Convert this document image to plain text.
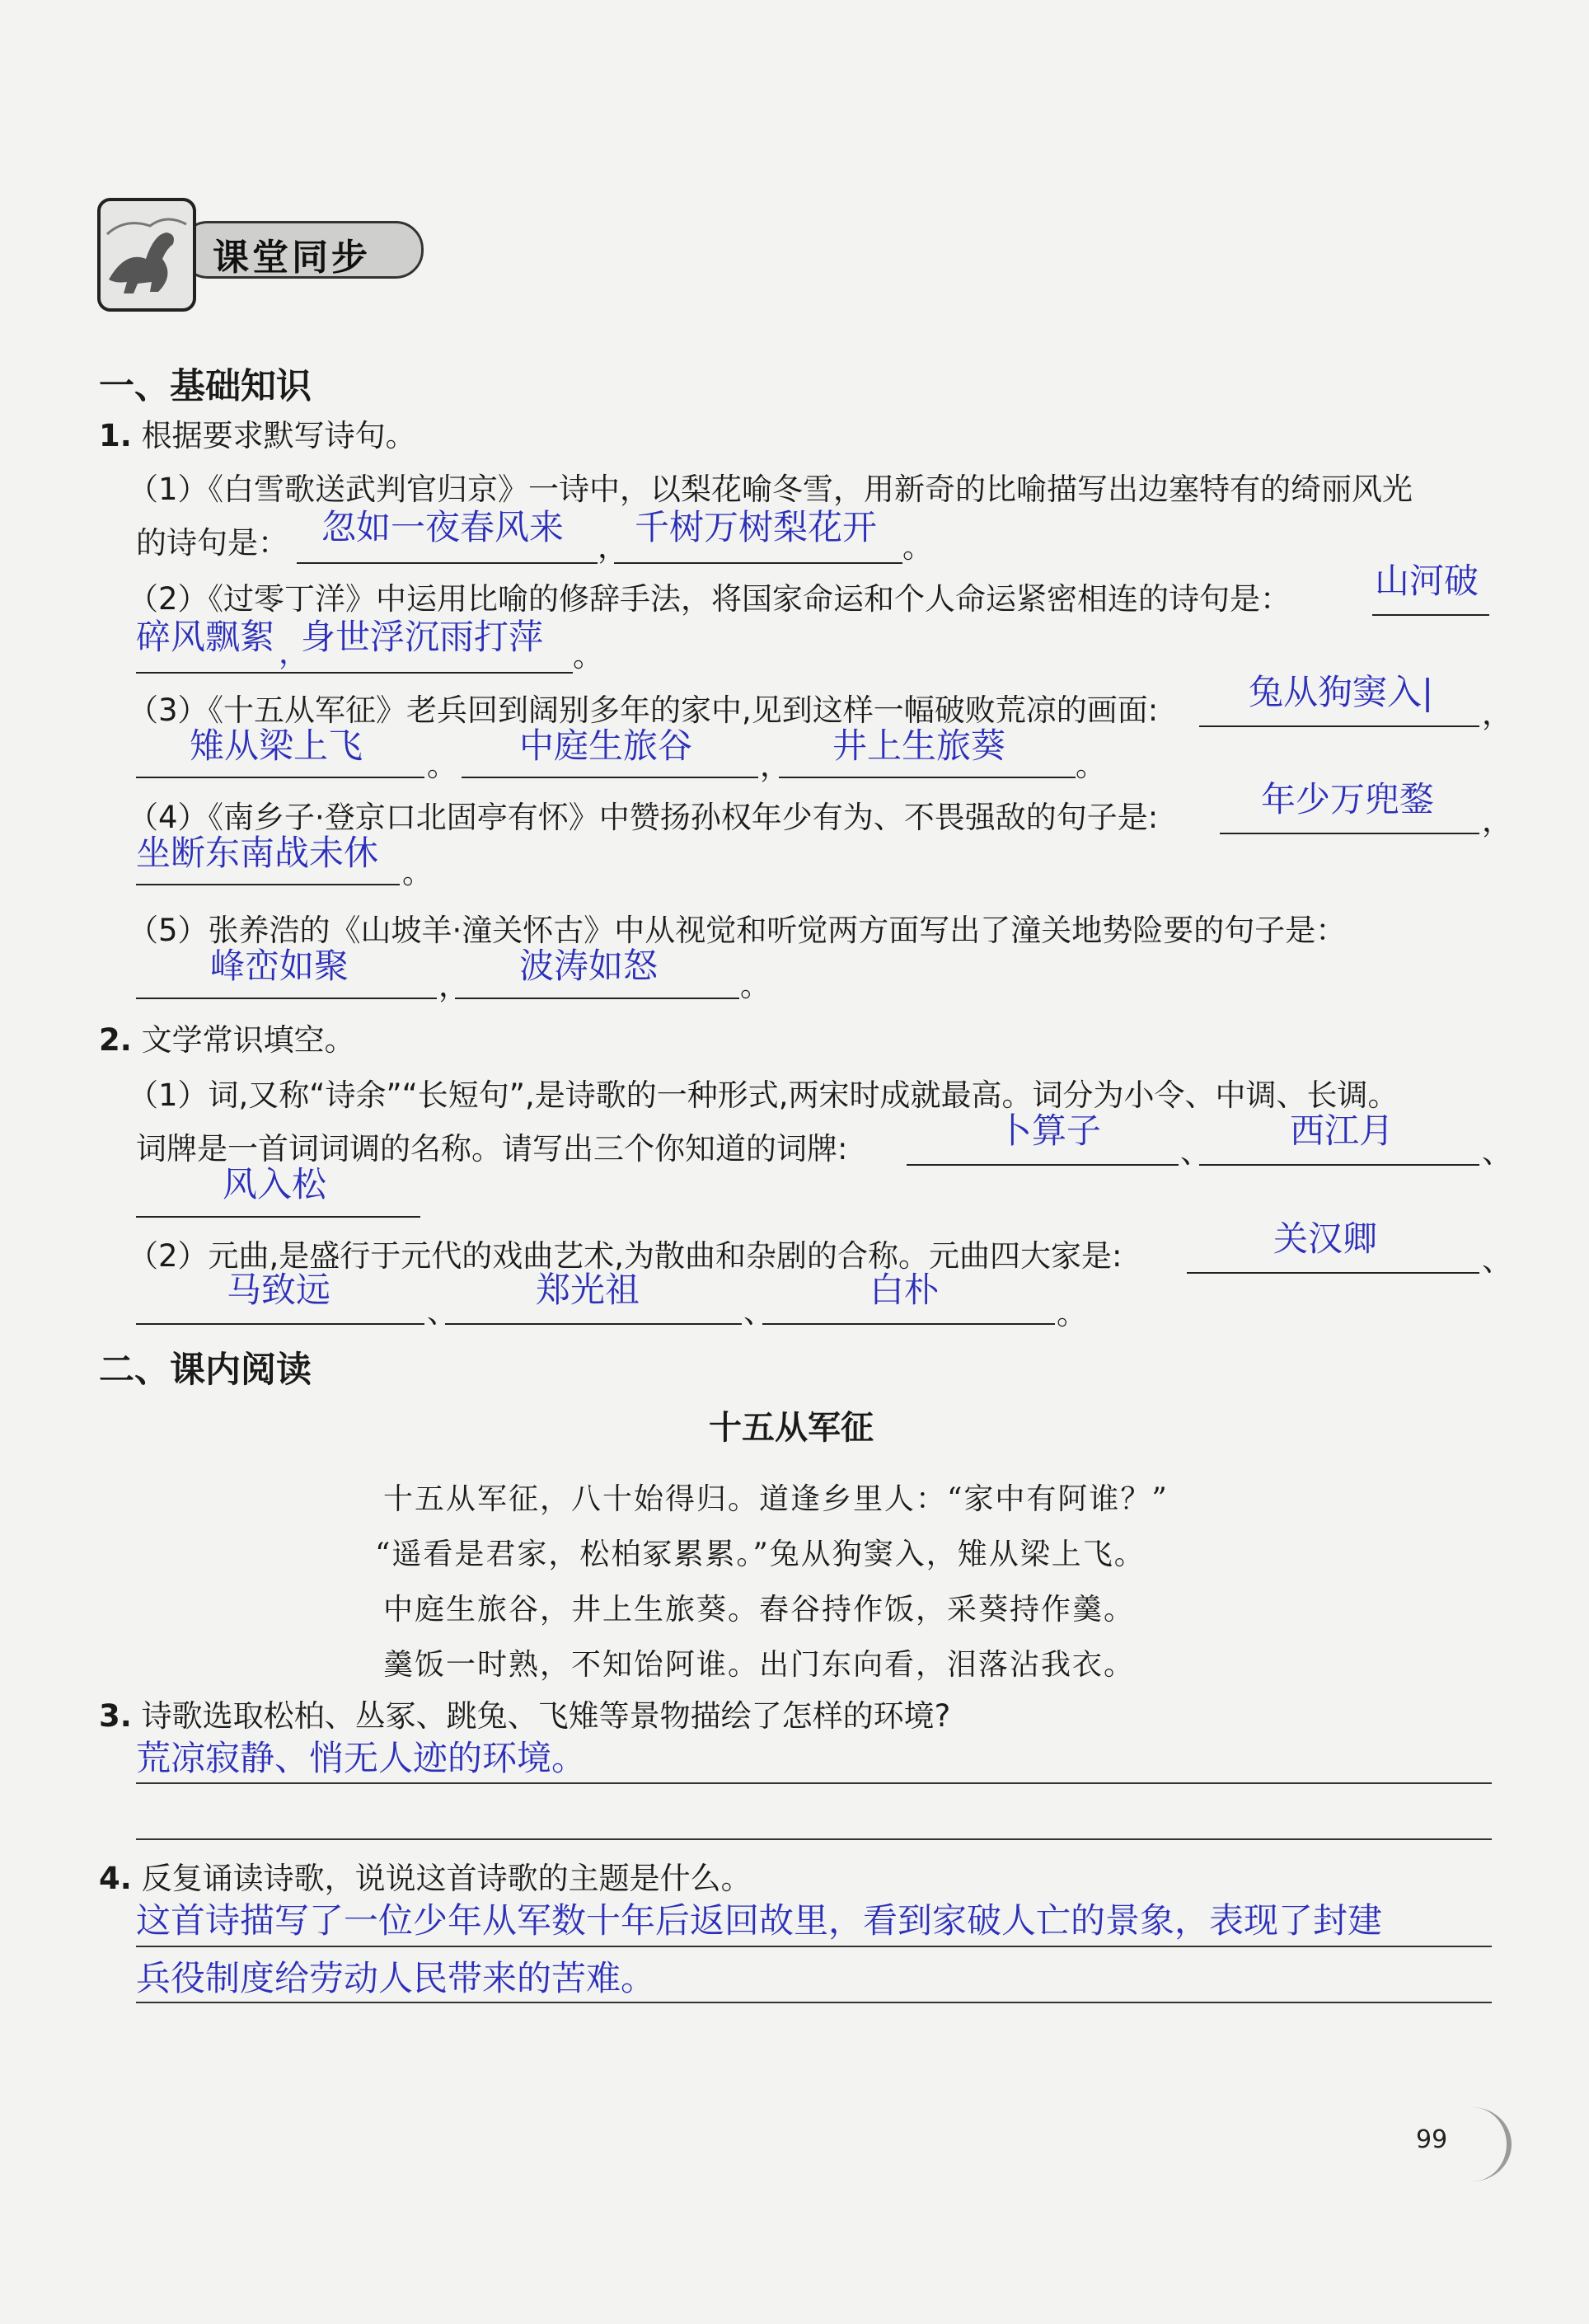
课堂同步
一、基础知识
1. 根据要求默写诗句。
（1）《白雪歌送武判官归京》一诗中，以梨花喻冬雪，用新奇的比喻描写出边塞特有的绮丽风光
的诗句是： 忽如一夜春风来 ， 千树万树梨花开 。
（2）《过零丁洋》中运用比喻的修辞手法，将国家命运和个人命运紧密相连的诗句是： 山河破
碎风飘絮 ，
身世浮沉雨打萍 。
（3）《十五从军征》老兵回到阔别多年的家中,见到这样一幅破败荒凉的画面:	兔从狗窦入|
，
雉从梁上飞 。 中庭生旅谷 ， 井上生旅葵 。
（4）《南乡子·登京口北固亭有怀》中赞扬孙权年少有为、不畏强敌的句子是:	年少万兜鍪
，
坐断东南战未休 。
（5）张养浩的《山坡羊·潼关怀古》中从视觉和听觉两方面写出了潼关地势险要的句子是：
峰峦如聚	， 波涛如怒	。
2. 文学常识填空。
（1）词,又称“诗余”“长短句”,是诗歌的一种形式,两宋时成就最高。词分为小令、中调、长调。
词牌是一首词词调的名称。请写出三个你知道的词牌:	卜算子
、
西江月
、
风入松
（2）元曲,是盛行于元代的戏曲艺术,为散曲和杂剧的合称。元曲四大家是:	关汉卿
、
马致远
、
郑光祖
、
白朴
。
二、课内阅读
十五从军征
十五从军征，八十始得归。道逢乡里人：“家中有阿谁？”
“遥看是君家，松柏冢累累。”兔从狗窦入，雉从梁上飞。
中庭生旅谷，井上生旅葵。舂谷持作饭，采葵持作羹。
羹饭一时熟，不知饴阿谁。出门东向看，泪落沾我衣。
3. 诗歌选取松柏、丛冢、跳兔、飞雉等景物描绘了怎样的环境?
荒凉寂静、悄无人迹的环境。
4. 反复诵读诗歌，说说这首诗歌的主题是什么。
这首诗描写了一位少年从军数十年后返回故里，看到家破人亡的景象，表现了封建
兵役制度给劳动人民带来的苦难。
99
